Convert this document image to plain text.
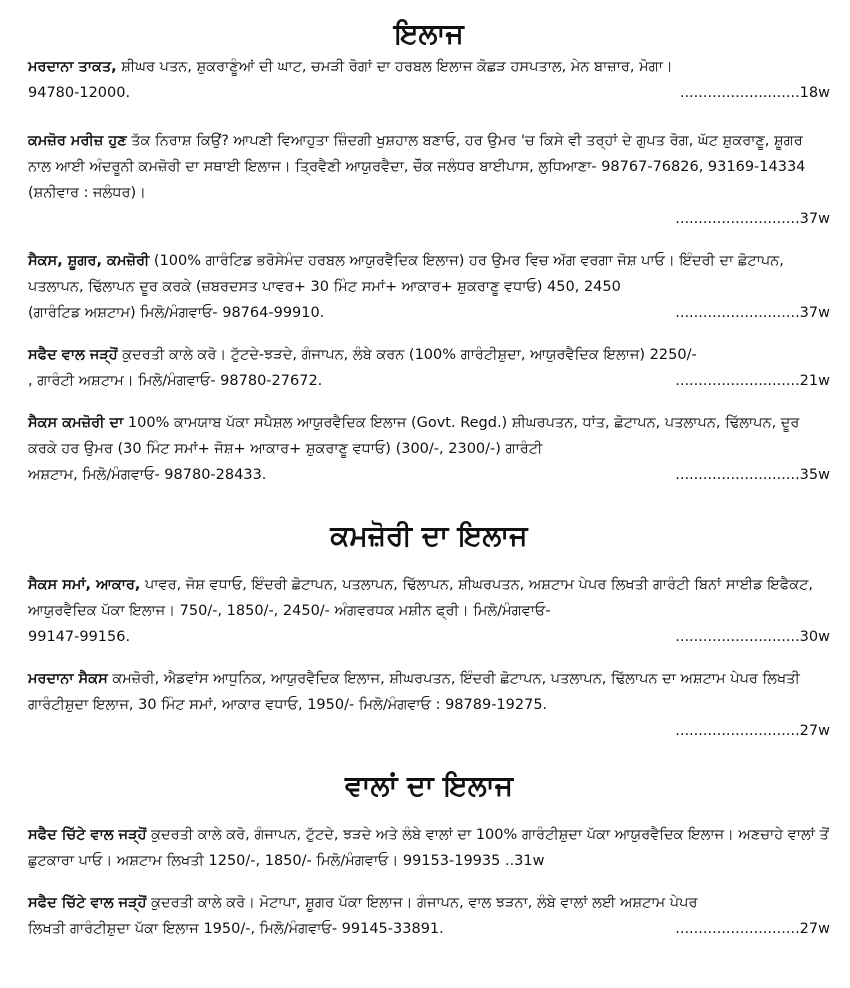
ਇਲਾਜ
ਮਰਦਾਨਾ ਤਾਕਤ, ਸ਼ੀਘਰ ਪਤਨ, ਸ਼ੁਕਰਾਣੂੰਆਂ ਦੀ ਘਾਟ, ਚਮੜੀ ਰੋਗਾਂ ਦਾ ਹਰਬਲ ਇਲਾਜ ਕੋਛੜ ਹਸਪਤਾਲ, ਮੇਨ ਬਾਜ਼ਾਰ, ਮੋਗਾ।
94780-12000.	..........................18w
ਕਮਜ਼ੋਰ ਮਰੀਜ਼ ਹੁਣ ਤੱਕ ਨਿਰਾਸ਼ ਕਿਉਂ? ਆਪਣੀ ਵਿਆਹੁਤਾ ਜ਼ਿੰਦਗੀ ਖੁਸ਼ਹਾਲ ਬਣਾਓ, ਹਰ ਉਮਰ 'ਚ ਕਿਸੇ ਵੀ ਤਰ੍ਹਾਂ ਦੇ ਗੁਪਤ ਰੋਗ, ਘੱਟ ਸ਼ੁਕਰਾਣੂ, ਸ਼ੂਗਰ ਨਾਲ ਆਈ ਅੰਦਰੂਨੀ ਕਮਜ਼ੋਰੀ ਦਾ ਸਥਾਈ ਇਲਾਜ। ਤ੍ਰਿਵੈਣੀ ਆਯੁਰਵੈਦਾ, ਚੌਕ ਜਲੰਧਰ ਬਾਈਪਾਸ, ਲੁਧਿਆਣਾ- 98767-76826, 93169-14334 (ਸ਼ਨੀਵਾਰ : ਜਲੰਧਰ)।
...........................37w
ਸੈਕਸ, ਸ਼ੂਗਰ, ਕਮਜ਼ੋਰੀ (100% ਗਾਰੰਟਿਡ ਭਰੋਸੇਮੰਦ ਹਰਬਲ ਆਯੁਰਵੈਦਿਕ ਇਲਾਜ) ਹਰ ਉਮਰ ਵਿਚ ਅੱਗ ਵਰਗਾ ਜੋਸ਼ ਪਾਓ। ਇੰਦਰੀ ਦਾ ਛੋਟਾਪਨ, ਪਤਲਾਪਨ, ਢਿੱਲਾਪਨ ਦੂਰ ਕਰਕੇ (ਜ਼ਬਰਦਸਤ ਪਾਵਰ+ 30 ਮਿੰਟ ਸਮਾਂ+ ਆਕਾਰ+ ਸ਼ੁਕਰਾਣੂ ਵਧਾਓ) 450, 2450
(ਗਾਰੰਟਿਡ ਅਸ਼ਟਾਮ) ਮਿਲੋ/ਮੰਗਵਾਓ- 98764-99910.	...........................37w
ਸਫੈਦ ਵਾਲ ਜੜ੍ਹੋਂ ਕੁਦਰਤੀ ਕਾਲੇ ਕਰੋ। ਟੁੱਟਦੇ-ਝੜਦੇ, ਗੰਜਾਪਨ, ਲੰਬੇ ਕਰਨ (100% ਗਾਰੰਟੀਸ਼ੁਦਾ, ਆਯੁਰਵੈਦਿਕ ਇਲਾਜ) 2250/-
, ਗਾਰੰਟੀ ਅਸ਼ਟਾਮ। ਮਿਲੋ/ਮੰਗਵਾਓ- 98780-27672.	...........................21w
ਸੈਕਸ ਕਮਜ਼ੋਰੀ ਦਾ 100% ਕਾਮਯਾਬ ਪੱਕਾ ਸਪੈਸ਼ਲ ਆਯੁਰਵੈਦਿਕ ਇਲਾਜ (Govt. Regd.) ਸ਼ੀਘਰਪਤਨ, ਧਾਂਤ, ਛੋਟਾਪਨ, ਪਤਲਾਪਨ, ਢਿੱਲਾਪਨ, ਦੂਰ ਕਰਕੇ ਹਰ ਉਮਰ (30 ਮਿੰਟ ਸਮਾਂ+ ਜੋਸ਼+ ਆਕਾਰ+ ਸ਼ੁਕਰਾਣੂ ਵਧਾਓ) (300/-, 2300/-) ਗਾਰੰਟੀ
ਅਸ਼ਟਾਮ, ਮਿਲੋ/ਮੰਗਵਾਓ- 98780-28433.	...........................35w
ਕਮਜ਼ੋਰੀ ਦਾ ਇਲਾਜ
ਸੈਕਸ ਸਮਾਂ, ਆਕਾਰ, ਪਾਵਰ, ਜੋਸ਼ ਵਧਾਓ, ਇੰਦਰੀ ਛੋਟਾਪਨ, ਪਤਲਾਪਨ, ਢਿੱਲਾਪਨ, ਸ਼ੀਘਰਪਤਨ, ਅਸ਼ਟਾਮ ਪੇਪਰ ਲਿਖਤੀ ਗਾਰੰਟੀ ਬਿਨਾਂ ਸਾਈਡ ਇਫੈਕਟ, ਆਯੁਰਵੈਦਿਕ ਪੱਕਾ ਇਲਾਜ। 750/-, 1850/-, 2450/- ਅੰਗਵਰਧਕ ਮਸ਼ੀਨ ਫ੍ਰੀ। ਮਿਲੋ/ਮੰਗਵਾਓ-
99147-99156.	...........................30w
ਮਰਦਾਨਾ ਸੈਕਸ ਕਮਜ਼ੋਰੀ, ਐਡਵਾਂਸ ਆਧੁਨਿਕ, ਆਯੁਰਵੈਦਿਕ ਇਲਾਜ, ਸ਼ੀਘਰਪਤਨ, ਇੰਦਰੀ ਛੋਟਾਪਨ, ਪਤਲਾਪਨ, ਢਿੱਲਾਪਨ ਦਾ ਅਸ਼ਟਾਮ ਪੇਪਰ ਲਿਖਤੀ ਗਾਰੰਟੀਸ਼ੁਦਾ ਇਲਾਜ, 30 ਮਿੰਟ ਸਮਾਂ, ਆਕਾਰ ਵਧਾਓ, 1950/- ਮਿਲੋ/ਮੰਗਵਾਓ : 98789-19275.
...........................27w
ਵਾਲਾਂ ਦਾ ਇਲਾਜ
ਸਫੈਦ ਚਿੱਟੇ ਵਾਲ ਜੜ੍ਹੋਂ ਕੁਦਰਤੀ ਕਾਲੇ ਕਰੋ, ਗੰਜਾਪਨ, ਟੁੱਟਦੇ, ਝੜਦੇ ਅਤੇ ਲੰਬੇ ਵਾਲਾਂ ਦਾ 100% ਗਾਰੰਟੀਸ਼ੁਦਾ ਪੱਕਾ ਆਯੁਰਵੈਦਿਕ ਇਲਾਜ। ਅਣਚਾਹੇ ਵਾਲਾਂ ਤੋਂ ਛੁਟਕਾਰਾ ਪਾਓ। ਅਸ਼ਟਾਮ ਲਿਖਤੀ 1250/-, 1850/- ਮਿਲੋ/ਮੰਗਵਾਓ। 99153-19935 ..31w
ਸਫੈਦ ਚਿੱਟੇ ਵਾਲ ਜੜ੍ਹੋਂ ਕੁਦਰਤੀ ਕਾਲੇ ਕਰੋ। ਮੋਟਾਪਾ, ਸ਼ੂਗਰ ਪੱਕਾ ਇਲਾਜ। ਗੰਜਾਪਨ, ਵਾਲ ਝੜਨਾ, ਲੰਬੇ ਵਾਲਾਂ ਲਈ ਅਸ਼ਟਾਮ ਪੇਪਰ
ਲਿਖਤੀ ਗਾਰੰਟੀਸ਼ੁਦਾ ਪੱਕਾ ਇਲਾਜ 1950/-, ਮਿਲੋ/ਮੰਗਵਾਓ- 99145-33891.	...........................27w
